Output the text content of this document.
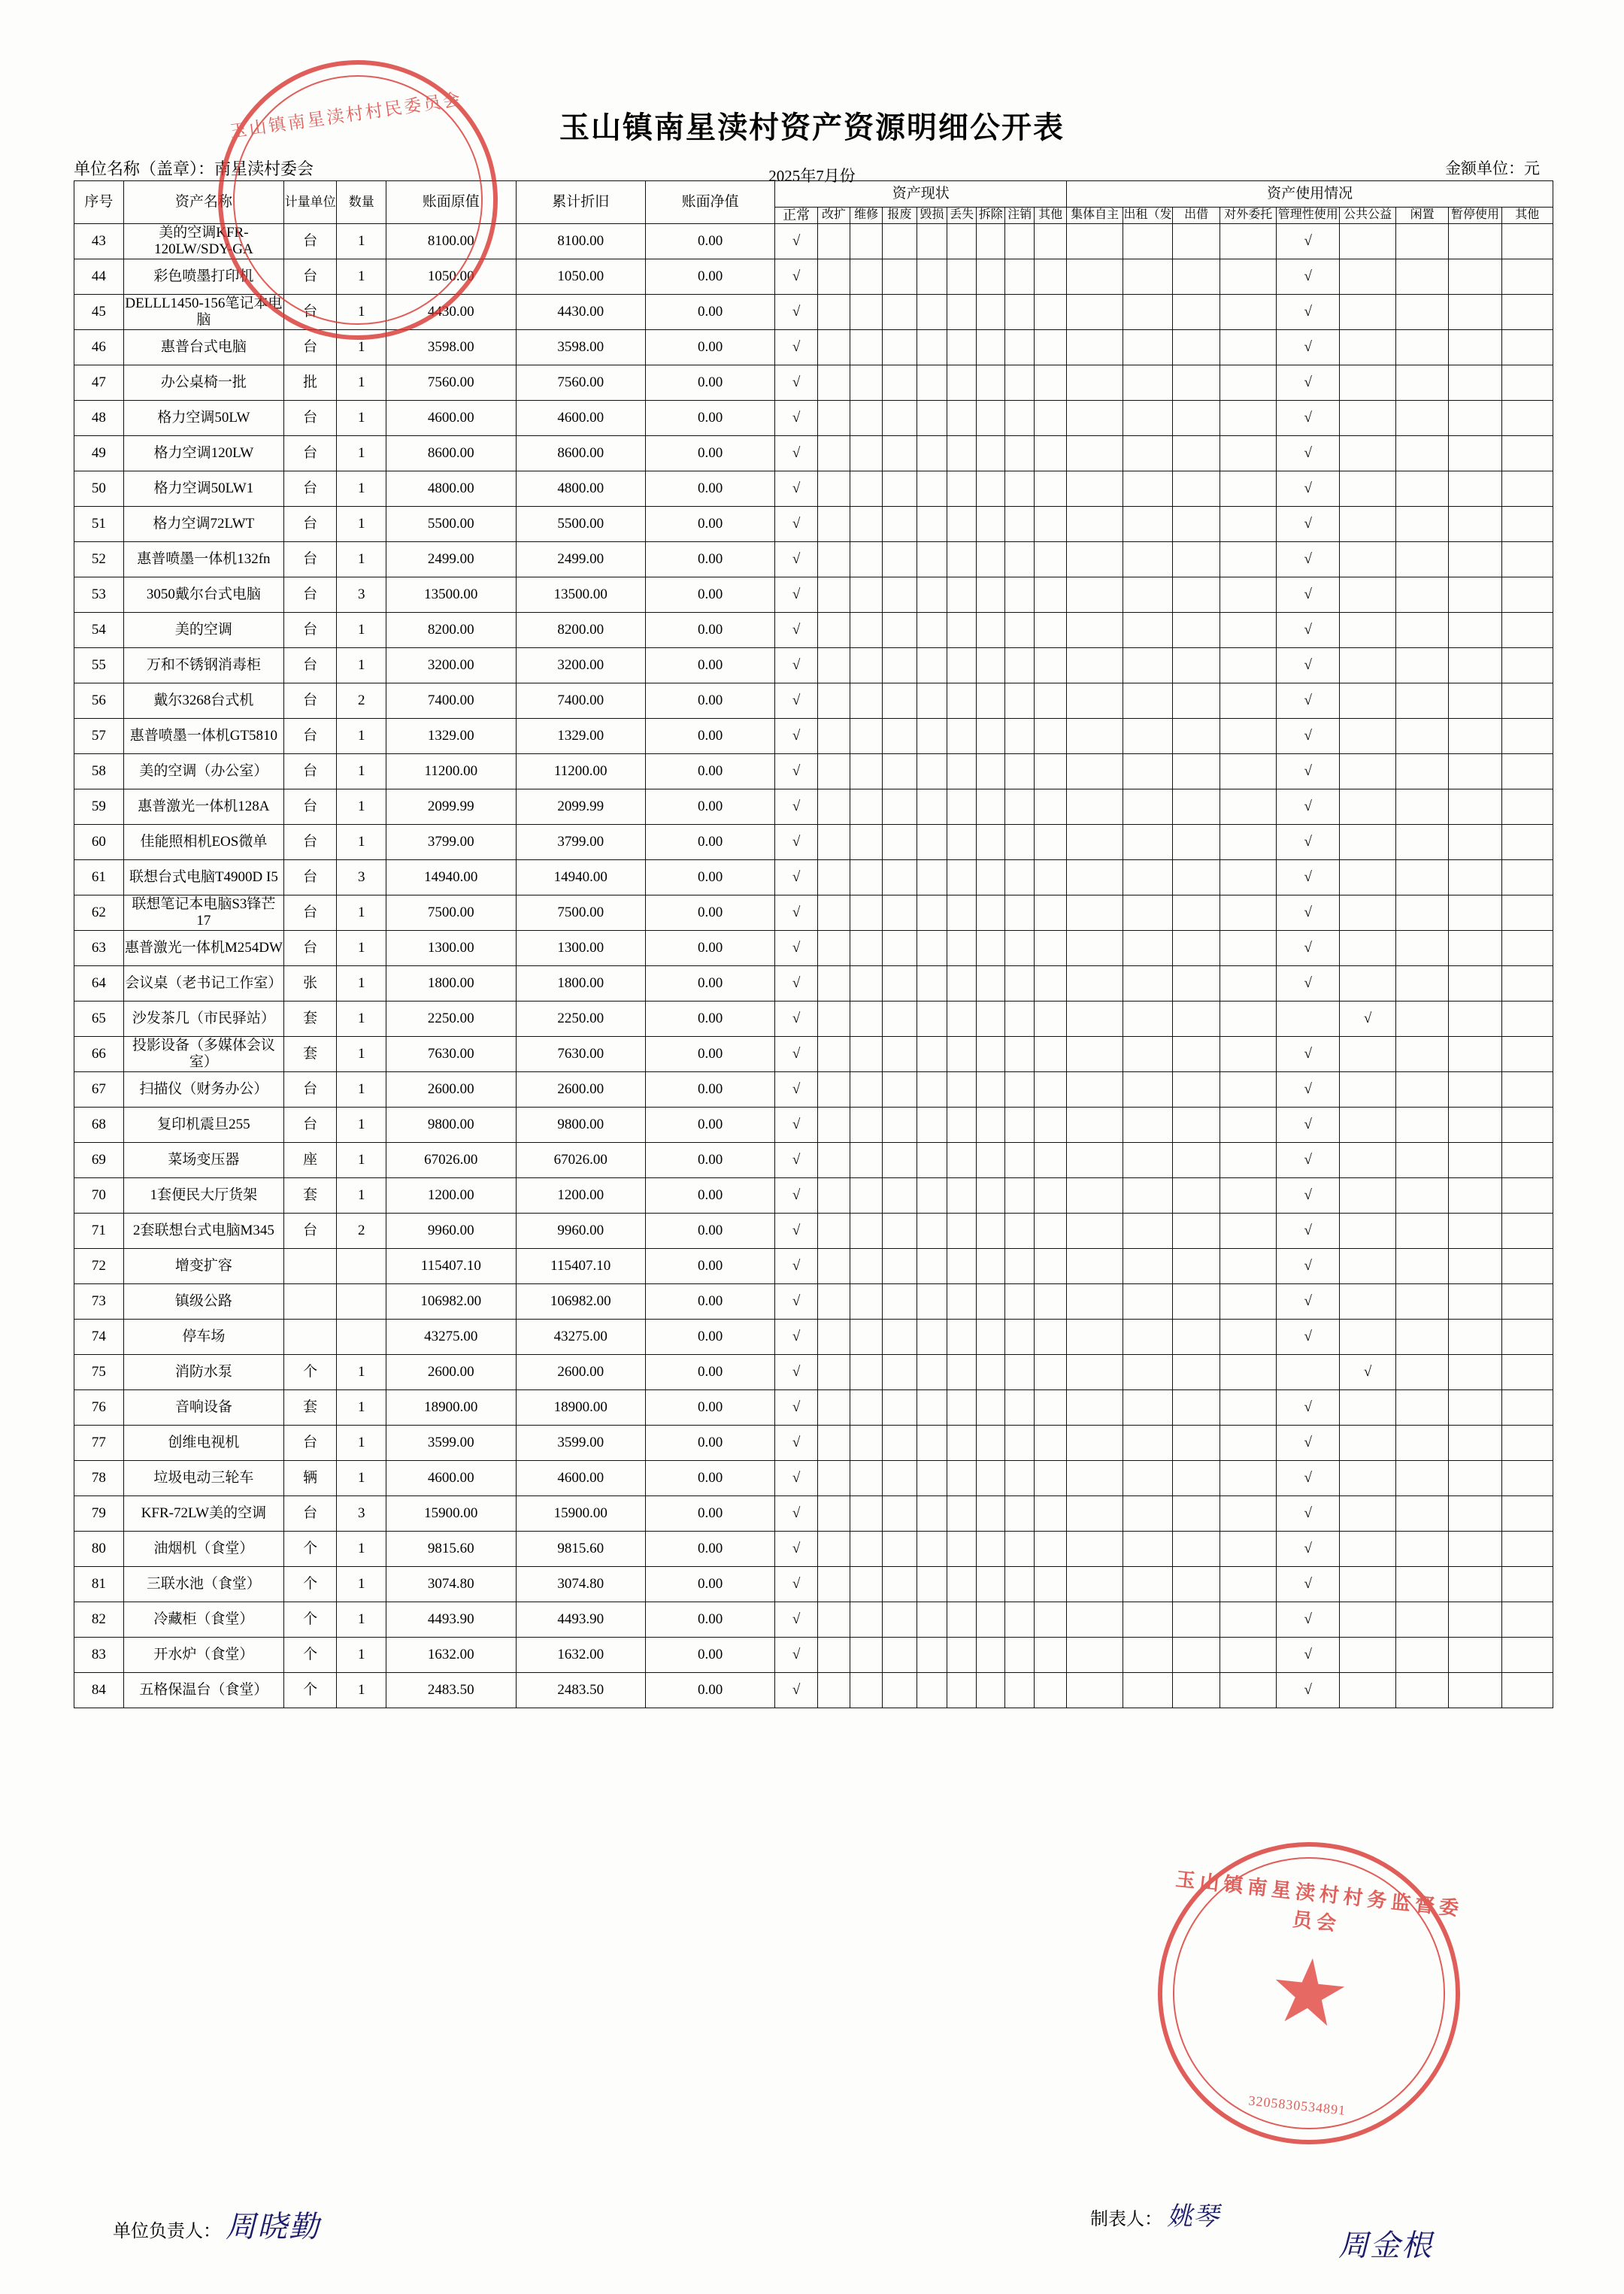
玉山镇南星渎村资产资源明细公开表
单位名称（盖章）：南星渎村委会	2025年7月份	金额单位：元
序号	资产名称	计量单位	数量	账面原值	累计折旧	账面净值	资产现状									资产使用情况								
							正常	改扩	维修	报废	毁损	丢失	拆除	注销	其他	集体自主	出租（发	出借	对外委托	管理性使用	公共公益	闲置	暂停使用	其他

43	美的空调KFR-120LW/SDY-GA	台	1	8100.00	8100.00	0.00	√													√				
44	彩色喷墨打印机	台	1	1050.00	1050.00	0.00	√													√				
45	DELLL1450-156笔记本电脑	台	1	4430.00	4430.00	0.00	√													√				
46	惠普台式电脑	台	1	3598.00	3598.00	0.00	√													√				
47	办公桌椅一批	批	1	7560.00	7560.00	0.00	√													√				
48	格力空调50LW	台	1	4600.00	4600.00	0.00	√													√				
49	格力空调120LW	台	1	8600.00	8600.00	0.00	√													√				
50	格力空调50LW1	台	1	4800.00	4800.00	0.00	√													√				
51	格力空调72LWT	台	1	5500.00	5500.00	0.00	√													√				
52	惠普喷墨一体机132fn	台	1	2499.00	2499.00	0.00	√													√				
53	3050戴尔台式电脑	台	3	13500.00	13500.00	0.00	√													√				
54	美的空调	台	1	8200.00	8200.00	0.00	√													√				
55	万和不锈钢消毒柜	台	1	3200.00	3200.00	0.00	√													√				
56	戴尔3268台式机	台	2	7400.00	7400.00	0.00	√													√				
57	惠普喷墨一体机GT5810	台	1	1329.00	1329.00	0.00	√													√				
58	美的空调（办公室）	台	1	11200.00	11200.00	0.00	√													√				
59	惠普激光一体机128A	台	1	2099.99	2099.99	0.00	√													√				
60	佳能照相机EOS微单	台	1	3799.00	3799.00	0.00	√													√				
61	联想台式电脑T4900D I5	台	3	14940.00	14940.00	0.00	√													√				
62	联想笔记本电脑S3锋芒 17	台	1	7500.00	7500.00	0.00	√													√				
63	惠普激光一体机M254DW	台	1	1300.00	1300.00	0.00	√													√				
64	会议桌（老书记工作室）	张	1	1800.00	1800.00	0.00	√													√				
65	沙发茶几（市民驿站）	套	1	2250.00	2250.00	0.00	√														√			
66	投影设备（多媒体会议室）	套	1	7630.00	7630.00	0.00	√													√				
67	扫描仪（财务办公）	台	1	2600.00	2600.00	0.00	√													√				
68	复印机震旦255	台	1	9800.00	9800.00	0.00	√													√				
69	菜场变压器	座	1	67026.00	67026.00	0.00	√													√				
70	1套便民大厅货架	套	1	1200.00	1200.00	0.00	√													√				
71	2套联想台式电脑M345	台	2	9960.00	9960.00	0.00	√													√				
72	增变扩容			115407.10	115407.10	0.00	√													√				
73	镇级公路			106982.00	106982.00	0.00	√													√				
74	停车场			43275.00	43275.00	0.00	√													√				
75	消防水泵	个	1	2600.00	2600.00	0.00	√														√			
76	音响设备	套	1	18900.00	18900.00	0.00	√													√				
77	创维电视机	台	1	3599.00	3599.00	0.00	√													√				
78	垃圾电动三轮车	辆	1	4600.00	4600.00	0.00	√													√				
79	KFR-72LW美的空调	台	3	15900.00	15900.00	0.00	√													√				
80	油烟机（食堂）	个	1	9815.60	9815.60	0.00	√													√				
81	三联水池（食堂）	个	1	3074.80	3074.80	0.00	√													√				
82	冷藏柜（食堂）	个	1	4493.90	4493.90	0.00	√													√				
83	开水炉（食堂）	个	1	1632.00	1632.00	0.00	√													√				
84	五格保温台（食堂）	个	1	2483.50	2483.50	0.00	√													√				
单位负责人： 周晓勤	制表人： 姚琴
周金根
玉山镇南星渎村村民委员会
玉山镇南星渎村村务监督委员会
★
3205830534891
